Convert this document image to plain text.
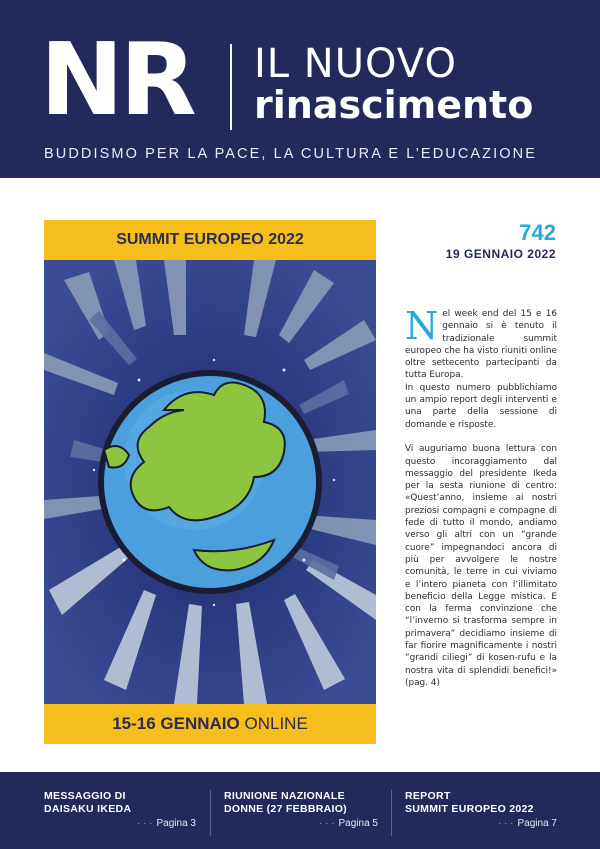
NR IL NUOVO
rinascimento
BUDDISMO PER LA PACE, LA CULTURA E L’EDUCAZIONE
SUMMIT EUROPEO 2022
15-16 GENNAIO ONLINE
742
19 GENNAIO 2022

Nel week end del 15 e 16 gennaio si è tenuto il tradizionale summit europeo che ha visto riuniti online oltre settecento partecipanti da tutta Europa.
In questo numero pubblichiamo un ampio report degli interventi e una parte della sessione di domande e risposte.

Vi auguriamo buona lettura con questo incoraggiamento dal messaggio del presidente Ikeda per la sesta riunione di centro: «Quest’anno, insieme ai nostri preziosi compagni e compagne di fede di tutto il mondo, andiamo verso gli altri con un “grande cuore” impegnandoci ancora di più per avvolgere le nostre comunità, le terre in cui viviamo e l’intero pianeta con l’illimitato beneficio della Legge mistica. E con la ferma convinzione che “l’inverno si trasforma sempre in primavera” decidiamo insieme di far fiorire magnificamente i nostri “grandi ciliegi” di kosen-rufu e la nostra vita di splendidi benefici!» (pag. 4)

MESSAGGIO DI
DAISAKU IKEDA
· · · Pagina 3
RIUNIONE NAZIONALE
DONNE (27 FEBBRAIO)
· · · Pagina 5
REPORT
SUMMIT EUROPEO 2022
· · · Pagina 7
